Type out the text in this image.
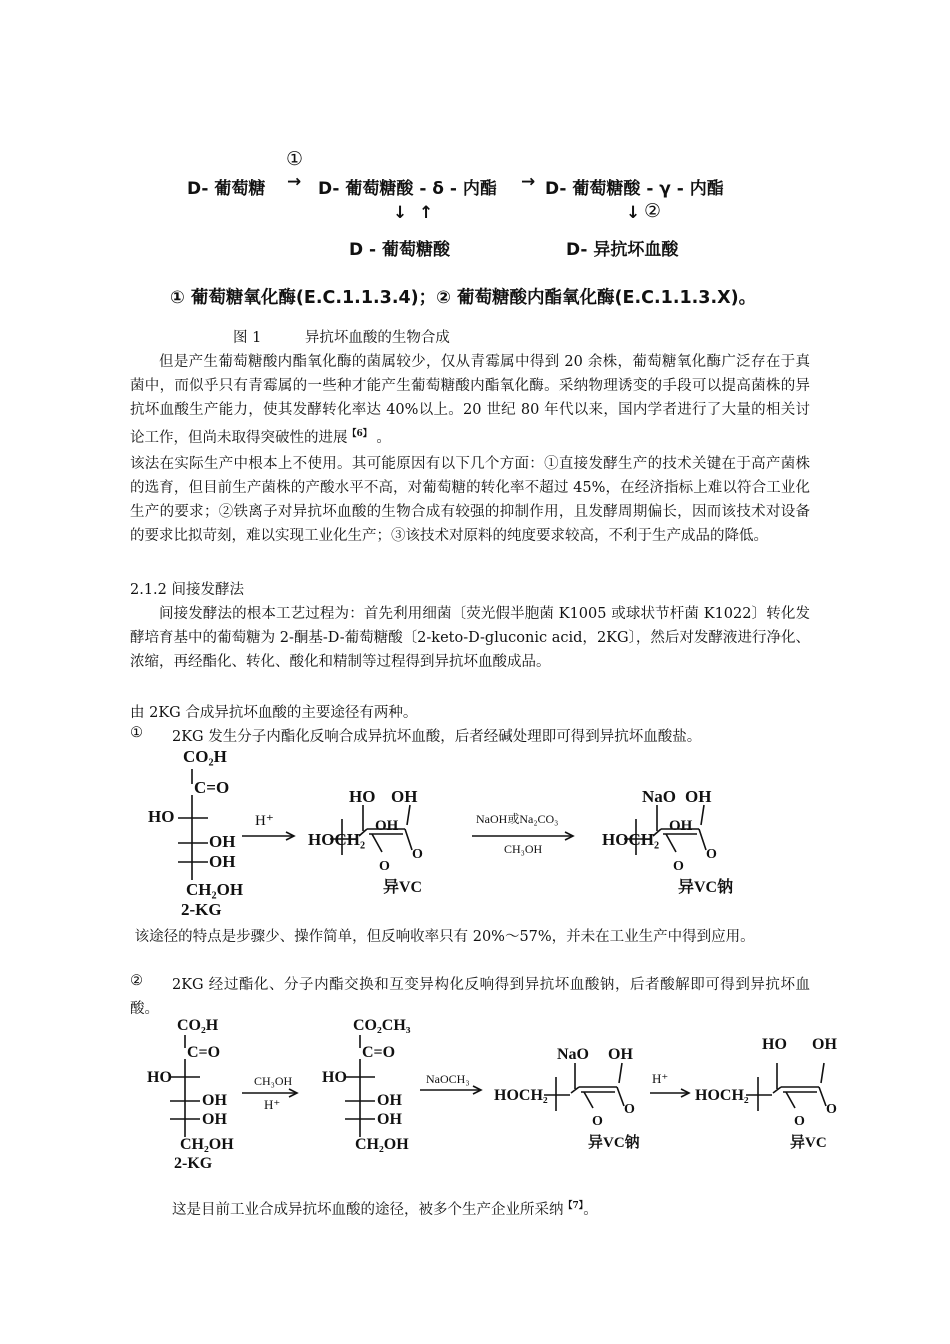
①
D- 葡萄糖 → D- 葡萄糖酸 - δ - 内酯 → D- 葡萄糖酸 - γ - 内酯
↓ ↑	↓ ②
D - 葡萄糖酸	D- 异抗坏血酸
① 葡萄糖氧化酶(E.C.1.1.3.4)；② 葡萄糖酸内酯氧化酶(E.C.1.1.3.X)。
图 1　　　异抗坏血酸的生物合成
但是产生葡萄糖酸内酯氧化酶的菌属较少，仅从青霉属中得到 20 余株，葡萄糖氧化酶广泛存在于真菌中，而似乎只有青霉属的一些种才能产生葡萄糖酸内酯氧化酶。采纳物理诱变的手段可以提高菌株的异抗坏血酸生产能力，使其发酵转化率达 40%以上。20 世纪 80 年代以来，国内学者进行了大量的相关讨论工作，但尚未取得突破性的进展$^{【6】}$ 。
该法在实际生产中根本上不使用。其可能原因有以下几个方面：①直接发酵生产的技术关键在于高产菌株的选育，但目前生产菌株的产酸水平不高，对葡萄糖的转化率不超过 45%，在经济指标上难以符合工业化生产的要求；②铁离子对异抗坏血酸的生物合成有较强的抑制作用，且发酵周期偏长，因而该技术对设备的要求比拟苛刻，难以实现工业化生产；③该技术对原料的纯度要求较高，不利于生产成品的降低。
2.1.2 间接发酵法
间接发酵法的根本工艺过程为：首先利用细菌〔荧光假半胞菌 K1005 或球状节杆菌 K1022〕转化发酵培育基中的葡萄糖为 2-酮基-D-葡萄糖酸〔2-keto-D-gluconic acid，2KG〕，然后对发酵液进行净化、浓缩，再经酯化、转化、酸化和精制等过程得到异抗坏血酸成品。
由 2KG 合成异抗坏血酸的主要途径有两种。
① 2KG 发生分子内酯化反响合成异抗坏血酸，后者经碱处理即可得到异抗坏血酸盐。
CO₂H
C=O
HO
OH
OH
CH₂OH
2-KG
H⁺
HOCH₂
HO OH
OH
O
O
异VC
NaOH或Na₂CO₃
CH₃OH	HOCH₂
NaO OH
OH
O
O
异VC钠
该途径的特点是步骤少、操作简单，但反响收率只有 20%～57%，并未在工业生产中得到应用。
②	2KG 经过酯化、分子内酯交换和互变异构化反响得到异抗坏血酸钠，后者酸解即可得到异抗坏血酸。
CO₂H
C=O
HO
OH
OH
CH₂OH
2-KG
CH₃OH
H⁺
CO₂CH₃
C=O
HO
OH
OH
CH₂OH
NaOCH₃
HOCH₂
NaO OH
O
O
异VC钠
H⁺
HOCH₂
HO OH
O
O
异VC
这是目前工业合成异抗坏血酸的途径，被多个生产企业所采纳$^{【7】}$。
